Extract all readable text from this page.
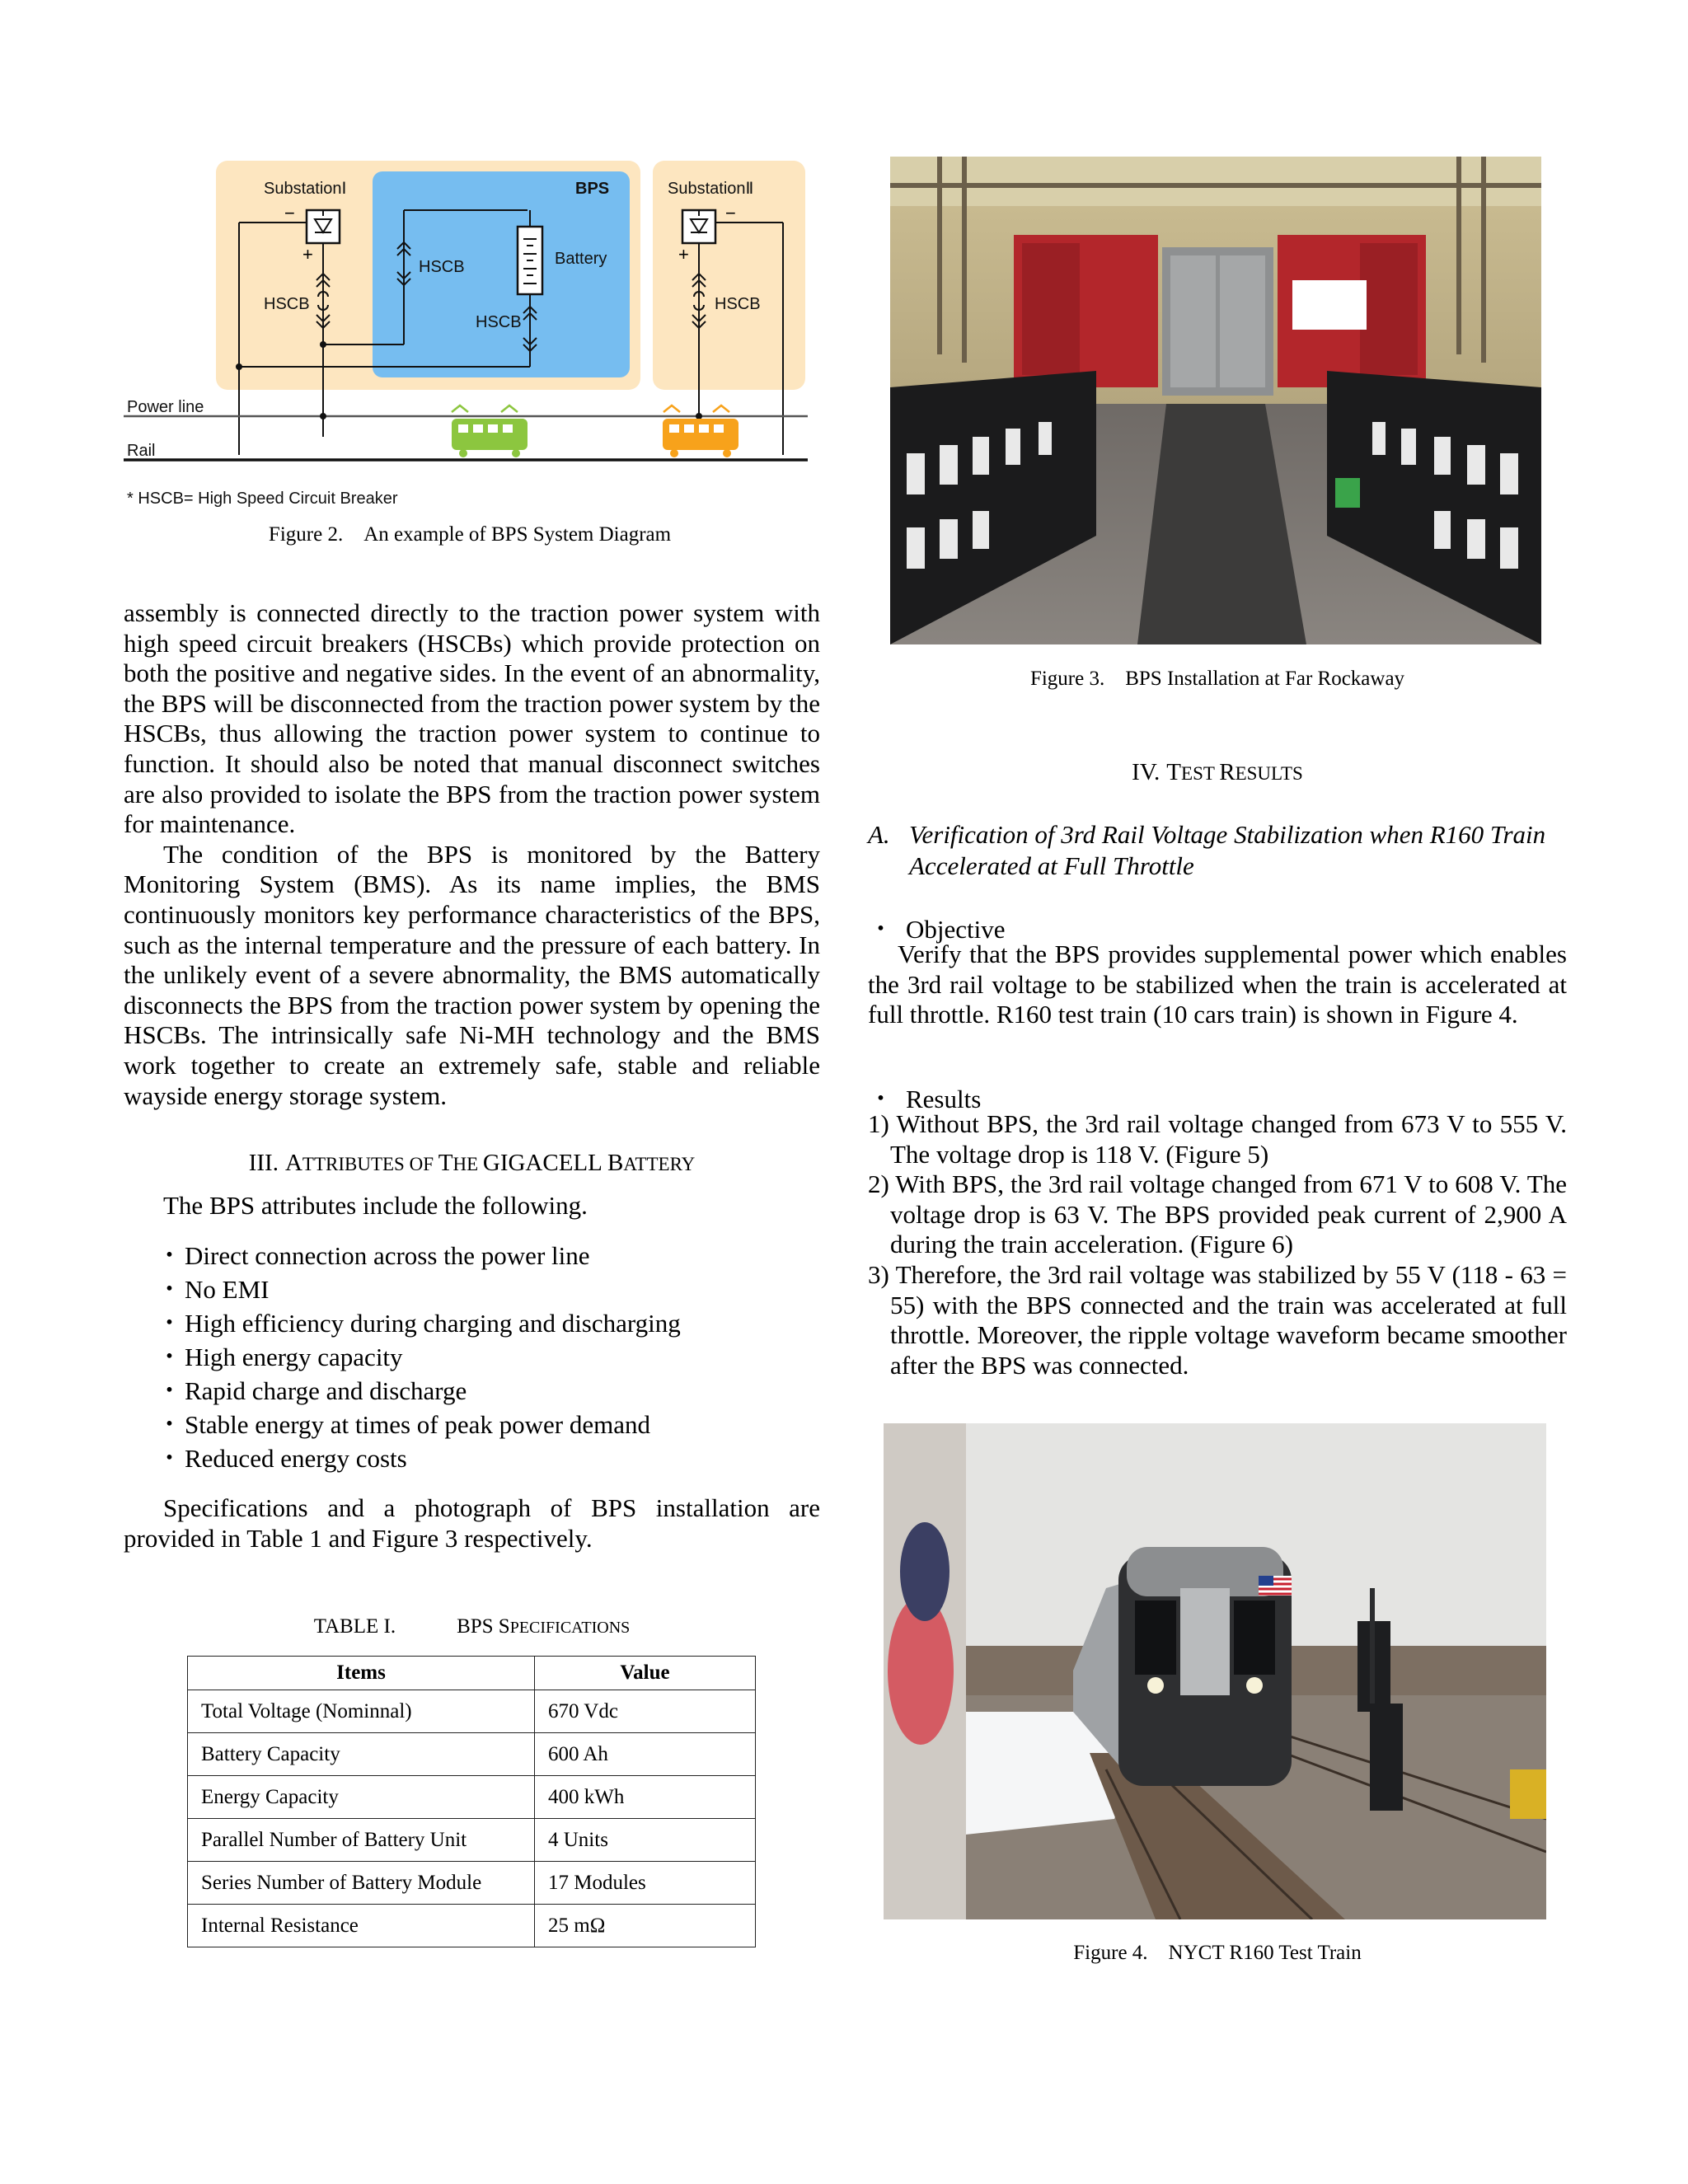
−
+
−
+
SubstationⅠ	SubstationⅡ
BPS
Battery
HSCB
HSCB
HSCB
HSCB
Power line
Rail
* HSCB= High Speed Circuit Breaker
Figure 2. An example of BPS System Diagram

assembly is connected directly to the traction power system with high speed circuit breakers (HSCBs) which provide protection on both the positive and negative sides. In the event of an abnormality, the BPS will be disconnected from the traction power system by the HSCBs, thus allowing the traction power system to continue to function. It should also be noted that manual disconnect switches are also provided to isolate the BPS from the traction power system for maintenance.

The condition of the BPS is monitored by the Battery Monitoring System (BMS). As its name implies, the BMS continuously monitors key performance characteristics of the BPS, such as the internal temperature and the pressure of each battery. In the unlikely event of a severe abnormality, the BMS automatically disconnects the BPS from the traction power system by opening the HSCBs. The intrinsically safe Ni-MH technology and the BMS work together to create an extremely safe, stable and reliable wayside energy storage system.

III. ATTRIBUTES OF THE GIGACELL BATTERY
The BPS attributes include the following.
・ Direct connection across the power line
・ No EMI
・ High efficiency during charging and discharging
・ High energy capacity
・ Rapid charge and discharge
・ Stable energy at times of peak power demand
・ Reduced energy costs
Specifications and a photograph of BPS installation are provided in Table 1 and Figure 3 respectively.
TABLE I.	BPS SPECIFICATIONS
Items	Value
Total Voltage (Nominnal)	670 Vdc
Battery Capacity	600 Ah
Energy Capacity	400 kWh
Parallel Number of Battery Unit	4 Units
Series Number of Battery Module	17 Modules
Internal Resistance	25 mΩ
Figure 3. BPS Installation at Far Rockaway
IV. TEST RESULTS
A. Verification of 3rd Rail Voltage Stabilization when R160 Train Accelerated at Full Throttle
・ Objective
Verify that the BPS provides supplemental power which enables the 3rd rail voltage to be stabilized when the train is accelerated at full throttle. R160 test train (10 cars train) is shown in Figure 4.
・ Results
1) Without BPS, the 3rd rail voltage changed from 673 V to 555 V. The voltage drop is 118 V. (Figure 5)
2) With BPS, the 3rd rail voltage changed from 671 V to 608 V. The voltage drop is 63 V. The BPS provided peak current of 2,900 A during the train acceleration. (Figure 6)
3) Therefore, the 3rd rail voltage was stabilized by 55 V (118 - 63 = 55) with the BPS connected and the train was accelerated at full throttle. Moreover, the ripple voltage waveform became smoother after the BPS was connected.
Figure 4. NYCT R160 Test Train
